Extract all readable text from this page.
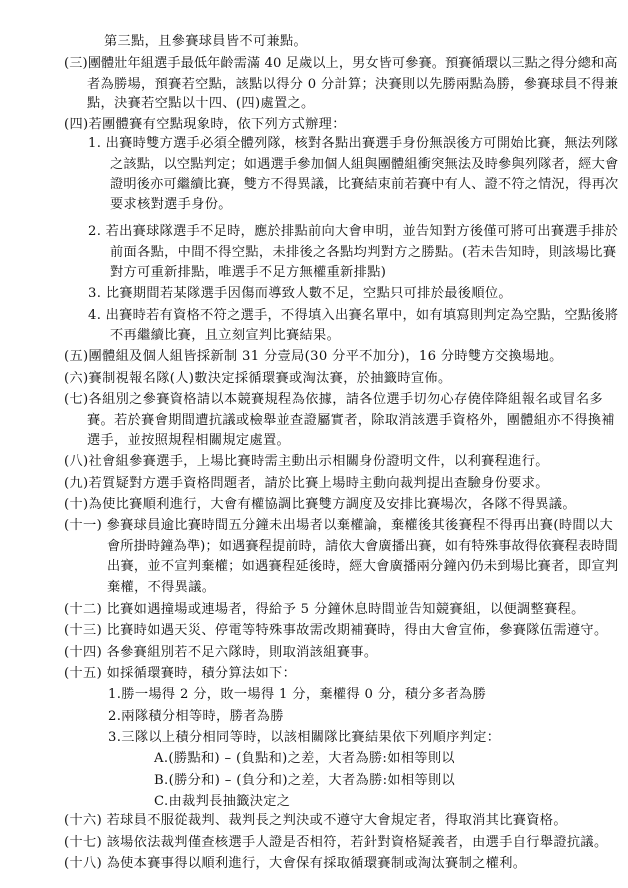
第三點，且參賽球員皆不可兼點。
(三)團體壯年組選手最低年齡需滿 40 足歲以上，男女皆可參賽。預賽循環以三點之得分總和高
者為勝場，預賽若空點，該點以得分 0 分計算；決賽則以先勝兩點為勝，參賽球員不得兼
點，決賽若空點以十四、(四)處置之。
(四)若團體賽有空點現象時，依下列方式辦理：
1. 出賽時雙方選手必須全體列隊，核對各點出賽選手身份無誤後方可開始比賽，無法列隊
之該點，以空點判定；如遇選手參加個人組與團體組衝突無法及時參與列隊者，經大會
證明後亦可繼續比賽，雙方不得異議，比賽結束前若賽中有人、證不符之情況，得再次
要求核對選手身份。
2. 若出賽球隊選手不足時，應於排點前向大會申明，並告知對方後僅可將可出賽選手排於
前面各點，中間不得空點，未排後之各點均判對方之勝點。(若未告知時，則該場比賽
對方可重新排點，唯選手不足方無權重新排點)
3. 比賽期間若某隊選手因傷而導致人數不足，空點只可排於最後順位。
4. 出賽時若有資格不符之選手，不得填入出賽名單中，如有填寫則判定為空點，空點後將
不再繼續比賽，且立刻宣判比賽結果。
(五)團體組及個人組皆採新制 31 分壹局(30 分平不加分)，16 分時雙方交換場地。
(六)賽制視報名隊(人)數決定採循環賽或淘汰賽，於抽籤時宣佈。
(七)各組別之參賽資格請以本競賽規程為依據，請各位選手切勿心存僥倖降組報名或冒名多
賽。若於賽會期間遭抗議或檢舉並查證屬實者，除取消該選手資格外，團體組亦不得換補
選手，並按照規程相關規定處置。
(八)社會組參賽選手，上場比賽時需主動出示相關身份證明文件，以利賽程進行。
(九)若質疑對方選手資格問題者，請於比賽上場時主動向裁判提出查驗身份要求。
(十)為使比賽順利進行，大會有權協調比賽雙方調度及安排比賽場次，各隊不得異議。
(十一) 參賽球員逾比賽時間五分鐘未出場者以棄權論，棄權後其後賽程不得再出賽(時間以大
會所掛時鐘為準)；如遇賽程提前時，請依大會廣播出賽，如有特殊事故得依賽程表時間
出賽，並不宣判棄權；如遇賽程延後時，經大會廣播兩分鐘內仍未到場比賽者，即宣判
棄權，不得異議。
(十二) 比賽如遇撞場或連場者，得給予 5 分鐘休息時間並告知競賽組，以便調整賽程。
(十三) 比賽時如遇天災、停電等特殊事故需改期補賽時，得由大會宣佈，參賽隊伍需遵守。
(十四) 各參賽組別若不足六隊時，則取消該組賽事。
(十五) 如採循環賽時，積分算法如下：
1.勝一場得 2 分，敗一場得 1 分，棄權得 0 分，積分多者為勝
2.兩隊積分相等時，勝者為勝
3.三隊以上積分相同等時，以該相關隊比賽結果依下列順序判定：
A.(勝點和) – (負點和)之差，大者為勝:如相等則以
B.(勝分和) – (負分和)之差，大者為勝:如相等則以
C.由裁判長抽籤決定之
(十六) 若球員不服從裁判、裁判長之判決或不遵守大會規定者，得取消其比賽資格。
(十七) 該場依法裁判僅查核選手人證是否相符，若針對資格疑義者，由選手自行舉證抗議。
(十八) 為使本賽事得以順利進行，大會保有採取循環賽制或淘汰賽制之權利。
